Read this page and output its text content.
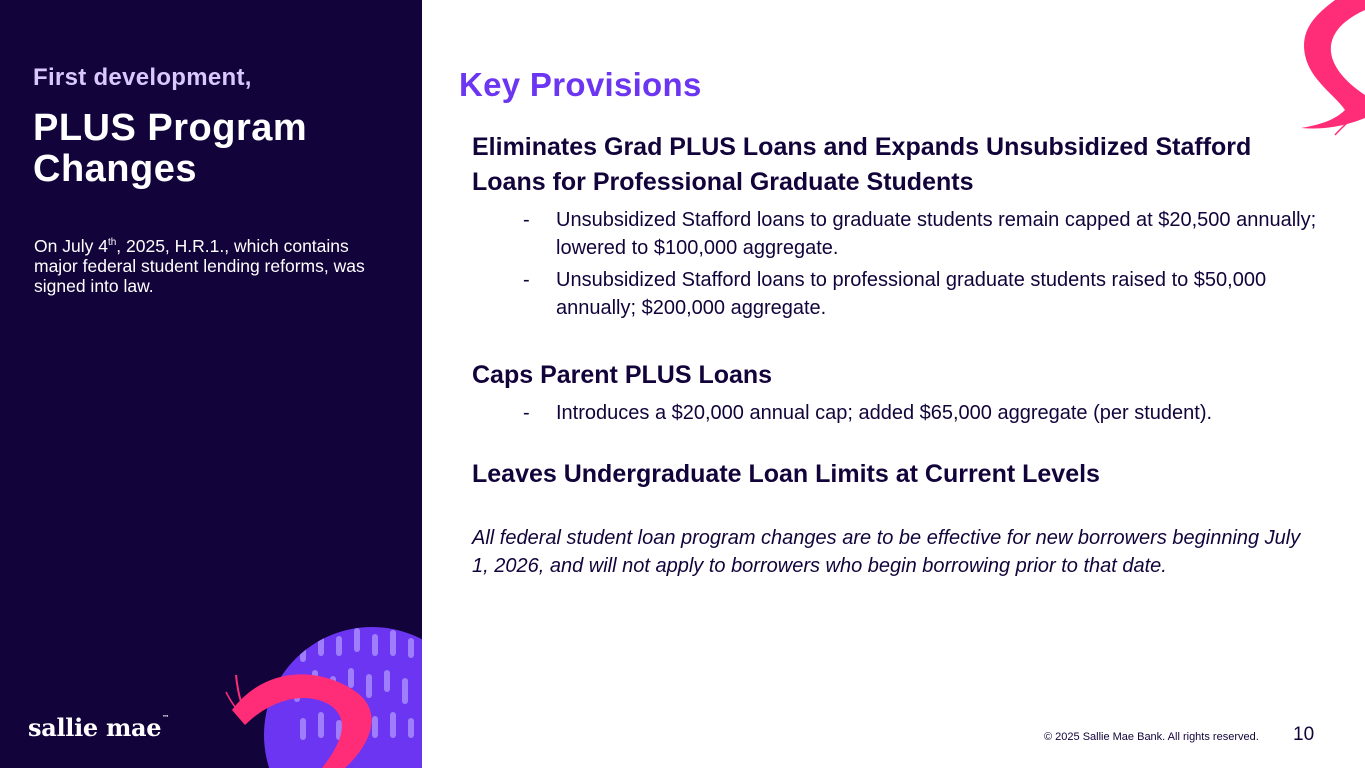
First development,
PLUS Program Changes
On July 4th, 2025, H.R.1., which contains major federal student lending reforms, was signed into law.
sallie mae™
Key Provisions
Eliminates Grad PLUS Loans and Expands Unsubsidized Stafford Loans for Professional Graduate Students
- Unsubsidized Stafford loans to graduate students remain capped at $20,500 annually; lowered to $100,000 aggregate.
- Unsubsidized Stafford loans to professional graduate students raised to $50,000 annually; $200,000 aggregate.
Caps Parent PLUS Loans
- Introduces a $20,000 annual cap; added $65,000 aggregate (per student).
Leaves Undergraduate Loan Limits at Current Levels
All federal student loan program changes are to be effective for new borrowers beginning July 1, 2026, and will not apply to borrowers who begin borrowing prior to that date.
© 2025 Sallie Mae Bank. All rights reserved. 10
